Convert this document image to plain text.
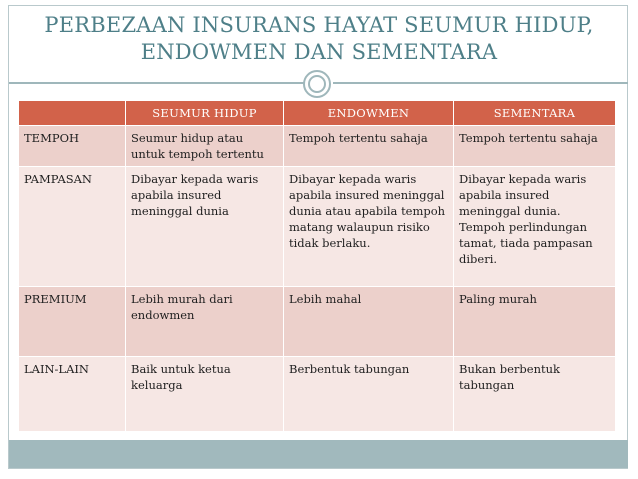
PERBEZAAN INSURANS HAYAT SEUMUR HIDUP,
ENDOWMEN DAN SEMENTARA
	SEUMUR HIDUP	ENDOWMEN	SEMENTARA
TEMPOH	Seumur hidup atau untuk tempoh tertentu	Tempoh tertentu sahaja	Tempoh tertentu sahaja
PAMPASAN	Dibayar kepada waris apabila insured meninggal dunia	Dibayar kepada waris apabila insured meninggal dunia atau apabila tempoh matang walaupun risiko tidak berlaku.	Dibayar kepada waris apabila insured meninggal dunia. Tempoh perlindungan tamat, tiada pampasan diberi.
PREMIUM	Lebih murah dari endowmen	Lebih mahal	Paling murah
LAIN-LAIN	Baik untuk ketua keluarga	Berbentuk tabungan	Bukan berbentuk tabungan
